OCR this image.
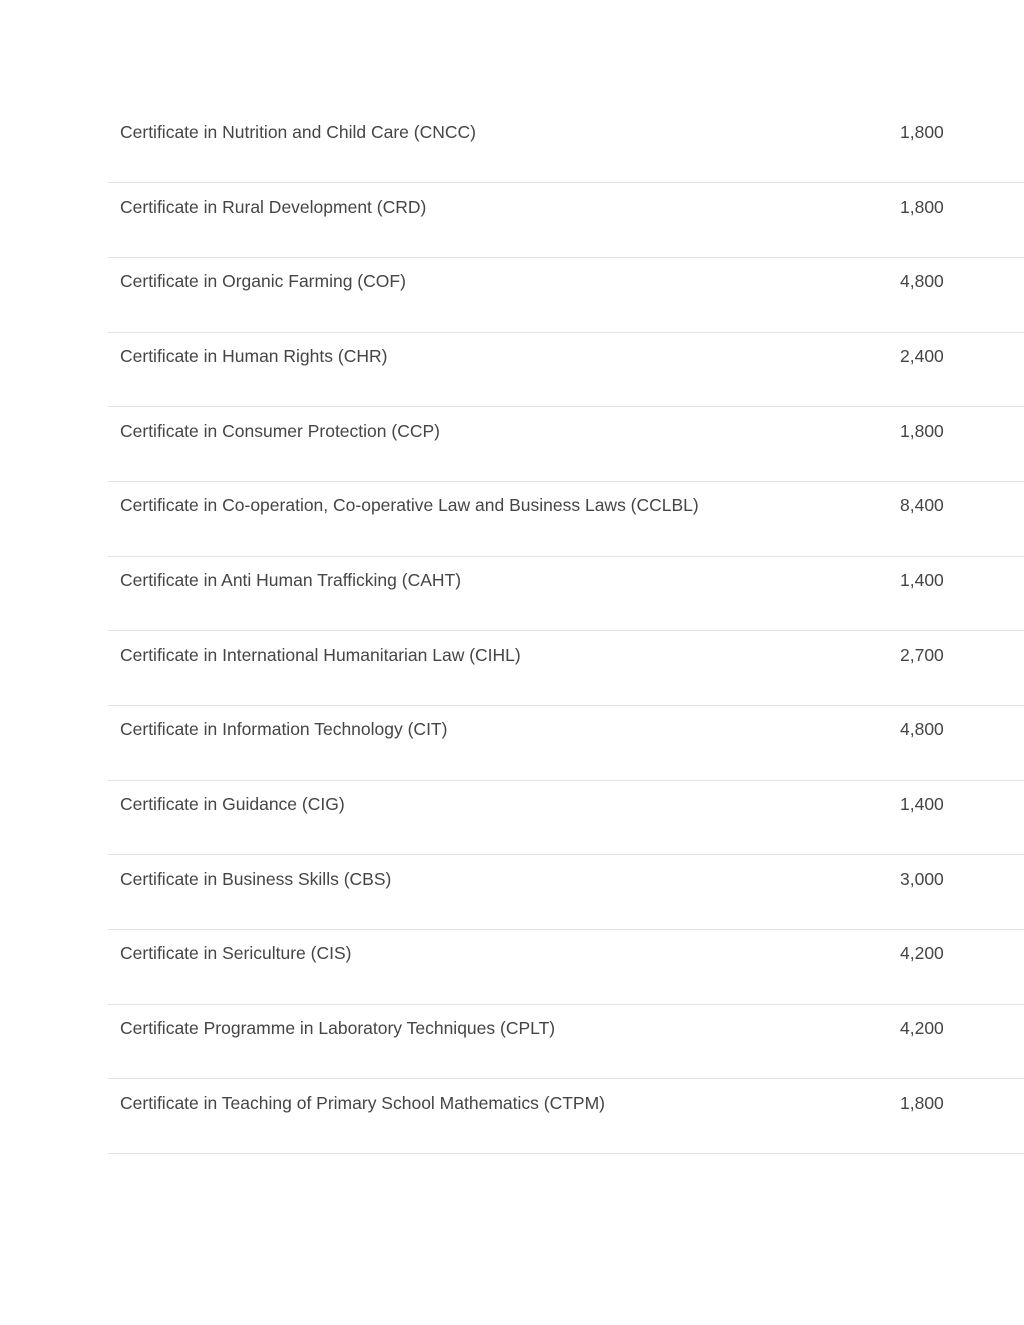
Certificate in Nutrition and Child Care (CNCC)	1,800
Certificate in Rural Development (CRD)	1,800
Certificate in Organic Farming (COF)	4,800
Certificate in Human Rights (CHR)	2,400
Certificate in Consumer Protection (CCP)	1,800
Certificate in Co-operation, Co-operative Law and Business Laws (CCLBL)	8,400
Certificate in Anti Human Trafficking (CAHT)	1,400
Certificate in International Humanitarian Law (CIHL)	2,700
Certificate in Information Technology (CIT)	4,800
Certificate in Guidance (CIG)	1,400
Certificate in Business Skills (CBS)	3,000
Certificate in Sericulture (CIS)	4,200
Certificate Programme in Laboratory Techniques (CPLT)	4,200
Certificate in Teaching of Primary School Mathematics (CTPM)	1,800
